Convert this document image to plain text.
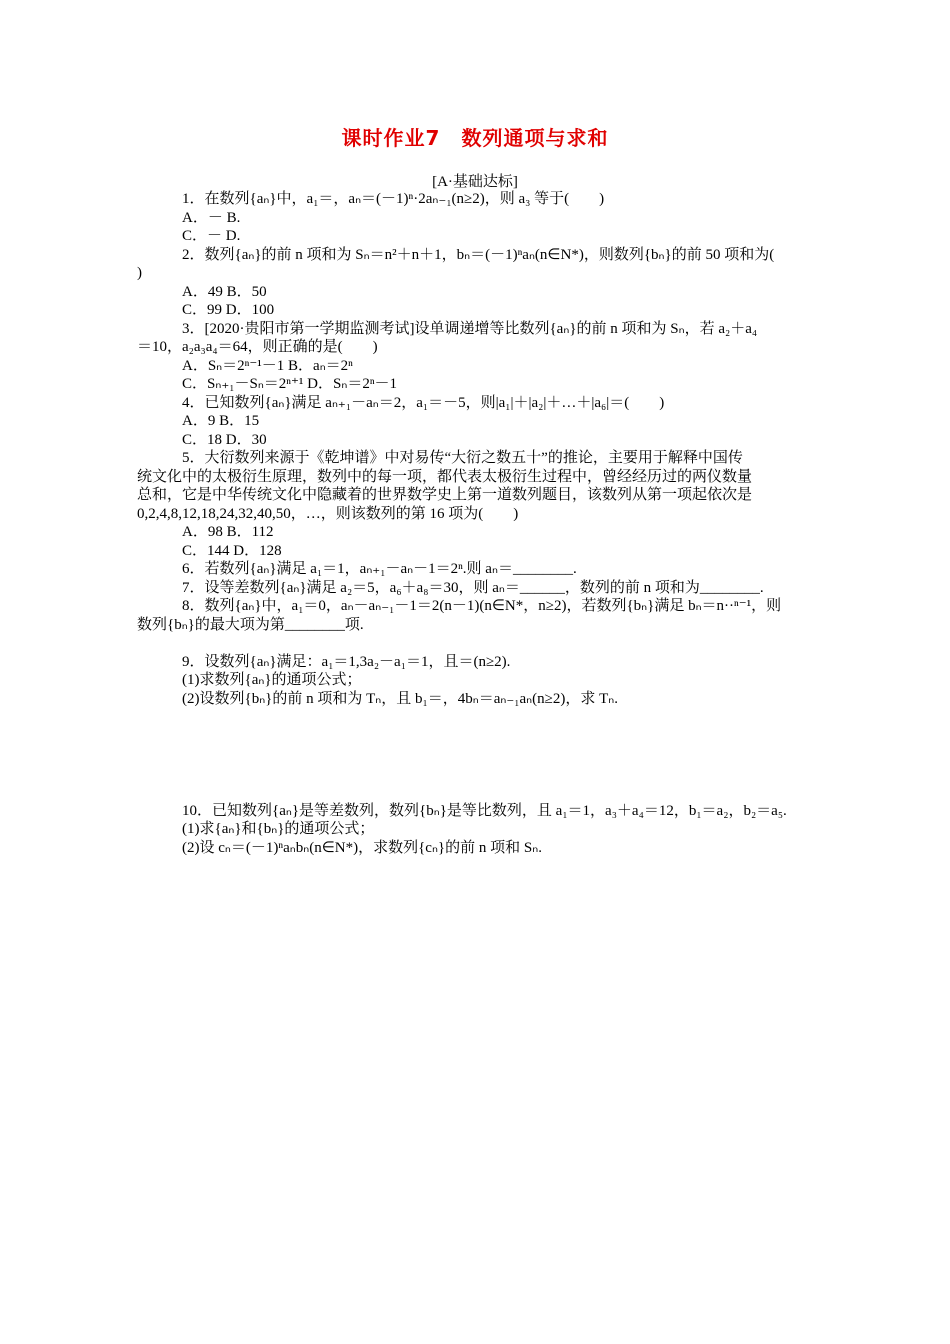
课时作业7　数列通项与求和
[A·基础达标]
1．在数列{aₙ}中，a₁＝，aₙ＝(－1)ⁿ·2aₙ₋₁(n≥2)，则 a₃ 等于(　　)
A．－ B.
C．－ D.
2．数列{aₙ}的前 n 项和为 Sₙ＝n²＋n＋1，bₙ＝(－1)ⁿaₙ(n∈N*)，则数列{bₙ}的前 50 项和为(
)
A．49 B．50
C．99 D．100
3．[2020·贵阳市第一学期监测考试]设单调递增等比数列{aₙ}的前 n 项和为 Sₙ，若 a₂＋a₄
＝10，a₂a₃a₄＝64，则正确的是(　　)
A．Sₙ＝2ⁿ⁻¹－1 B．aₙ＝2ⁿ
C．Sₙ₊₁－Sₙ＝2ⁿ⁺¹ D．Sₙ＝2ⁿ－1
4．已知数列{aₙ}满足 aₙ₊₁－aₙ＝2，a₁＝－5，则|a₁|＋|a₂|＋…＋|a₆|＝(　　)
A．9 B．15
C．18 D．30
5．大衍数列来源于《乾坤谱》中对易传“大衍之数五十”的推论，主要用于解释中国传
统文化中的太极衍生原理，数列中的每一项，都代表太极衍生过程中，曾经经历过的两仪数量
总和，它是中华传统文化中隐藏着的世界数学史上第一道数列题目，该数列从第一项起依次是
0,2,4,8,12,18,24,32,40,50，…，则该数列的第 16 项为(　　)
A．98 B．112
C．144 D．128
6．若数列{aₙ}满足 a₁＝1，aₙ₊₁－aₙ－1＝2ⁿ.则 aₙ＝________.
7．设等差数列{aₙ}满足 a₂＝5，a₆＋a₈＝30，则 aₙ＝______，数列的前 n 项和为________.
8．数列{aₙ}中，a₁＝0，aₙ－aₙ₋₁－1＝2(n－1)(n∈N*，n≥2)，若数列{bₙ}满足 bₙ＝n··ⁿ⁻¹，则
数列{bₙ}的最大项为第________项.
9．设数列{aₙ}满足：a₁＝1,3a₂－a₁＝1，且＝(n≥2).
(1)求数列{aₙ}的通项公式；
(2)设数列{bₙ}的前 n 项和为 Tₙ，且 b₁＝，4bₙ＝aₙ₋₁aₙ(n≥2)，求 Tₙ.
10．已知数列{aₙ}是等差数列，数列{bₙ}是等比数列，且 a₁＝1，a₃＋a₄＝12，b₁＝a₂，b₂＝a₅.
(1)求{aₙ}和{bₙ}的通项公式；
(2)设 cₙ＝(－1)ⁿaₙbₙ(n∈N*)，求数列{cₙ}的前 n 项和 Sₙ.
